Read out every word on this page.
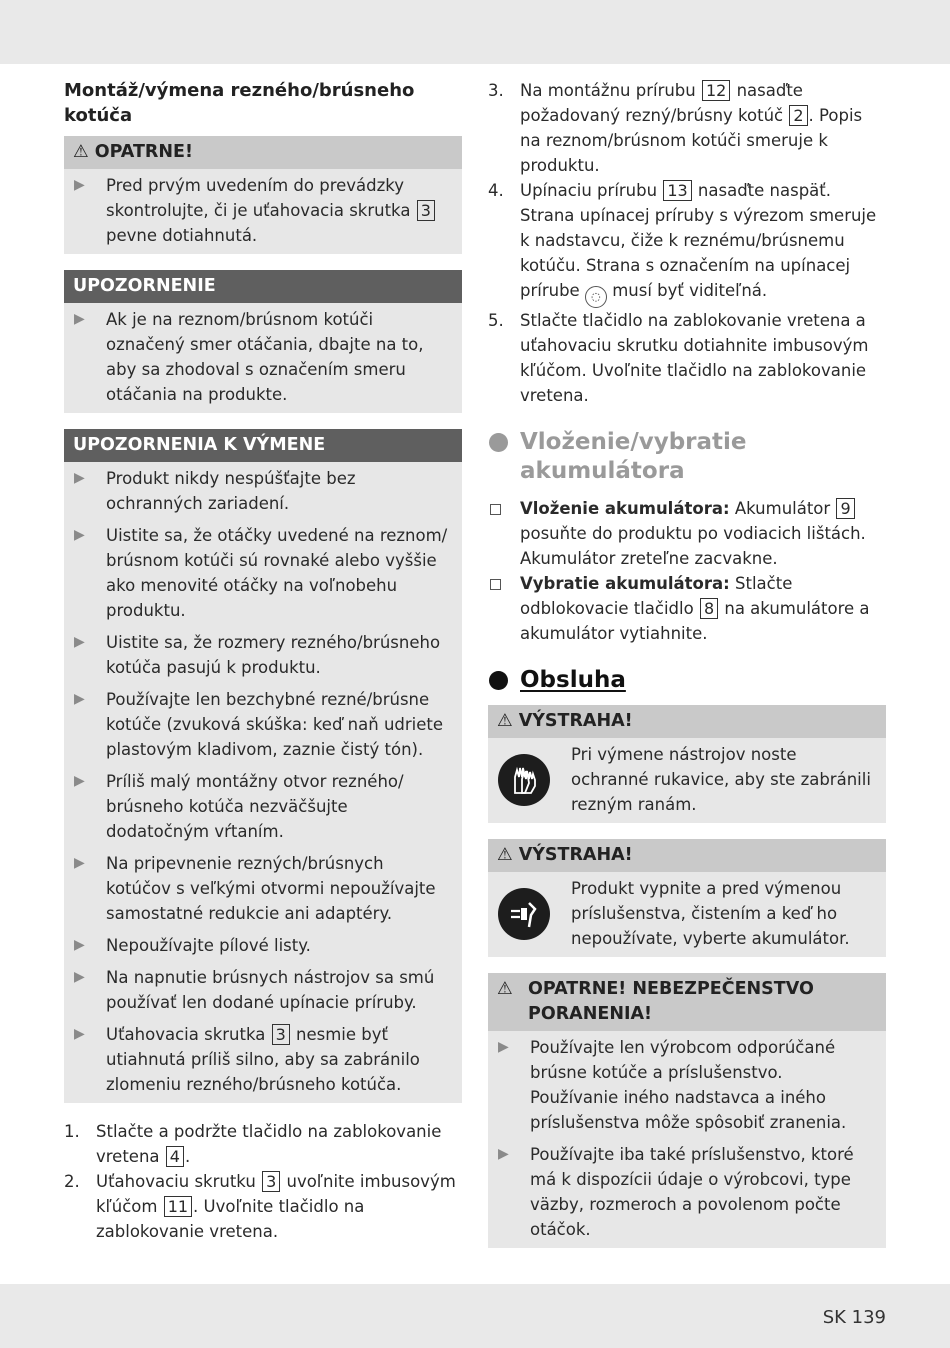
Montáž/výmena rezného/brúsneho kotúča
⚠ OPATRNE!
▶ Pred prvým uvedením do prevádzky skontrolujte, či je uťahovacia skrutka 3 pevne dotiahnutá.
UPOZORNENIE
▶ Ak je na reznom/brúsnom kotúči označený smer otáčania, dbajte na to, aby sa zhodoval s označením smeru otáčania na produkte.
UPOZORNENIA K VÝMENE
▶ Produkt nikdy nespúšťajte bez ochranných zariadení.
▶ Uistite sa, že otáčky uvedené na reznom/ brúsnom kotúči sú rovnaké alebo vyššie ako menovité otáčky na voľnobehu produktu.
▶ Uistite sa, že rozmery rezného/brúsneho kotúča pasujú k produktu.
▶ Používajte len bezchybné rezné/brúsne kotúče (zvuková skúška: keď naň udriete plastovým kladivom, zaznie čistý tón).
▶ Príliš malý montážny otvor rezného/ brúsneho kotúča nezväčšujte dodatočným vŕtaním.
▶ Na pripevnenie rezných/brúsnych kotúčov s veľkými otvormi nepoužívajte samostatné redukcie ani adaptéry.
▶ Nepoužívajte pílové listy.
▶ Na napnutie brúsnych nástrojov sa smú používať len dodané upínacie príruby.
▶ Uťahovacia skrutka 3 nesmie byť utiahnutá príliš silno, aby sa zabránilo zlomeniu rezného/brúsneho kotúča.
1. Stlačte a podržte tlačidlo na zablokovanie vretena 4 .
2. Uťahovaciu skrutku 3 uvoľnite imbusovým kľúčom 11 . Uvoľnite tlačidlo na zablokovanie vretena.
3. Na montážnu prírubu 12 nasaďte požadovaný rezný/brúsny kotúč 2 . Popis na reznom/brúsnom kotúči smeruje k produktu.
4. Upínaciu prírubu 13 nasaďte naspäť. Strana upínacej príruby s výrezom smeruje k nadstavcu, čiže k reznému/brúsnemu kotúču. Strana s označením na upínacej prírube ◌ musí byť viditeľná.
5. Stlačte tlačidlo na zablokovanie vretena a uťahovaciu skrutku dotiahnite imbusovým kľúčom. Uvoľnite tlačidlo na zablokovanie vretena.
Vloženie/vybratie akumulátora
Vloženie akumulátora: Akumulátor 9 posuňte do produktu po vodiacich lištách. Akumulátor zreteľne zacvakne.
Vybratie akumulátora: Stlačte odblokovacie tlačidlo 8 na akumulátore a akumulátor vytiahnite.
Obsluha
⚠ VÝSTRAHA!
Pri výmene nástrojov noste ochranné rukavice, aby ste zabránili rezným ranám.
⚠ VÝSTRAHA!
Produkt vypnite a pred výmenou príslušenstva, čistením a keď ho nepoužívate, vyberte akumulátor.
⚠ OPATRNE! NEBEZPEČENSTVO PORANENIA!
▶ Používajte len výrobcom odporúčané brúsne kotúče a príslušenstvo. Používanie iného nadstavca a iného príslušenstva môže spôsobiť zranenia.
▶ Používajte iba také príslušenstvo, ktoré má k dispozícii údaje o výrobcovi, type väzby, rozmeroch a povolenom počte otáčok.
SK 139
